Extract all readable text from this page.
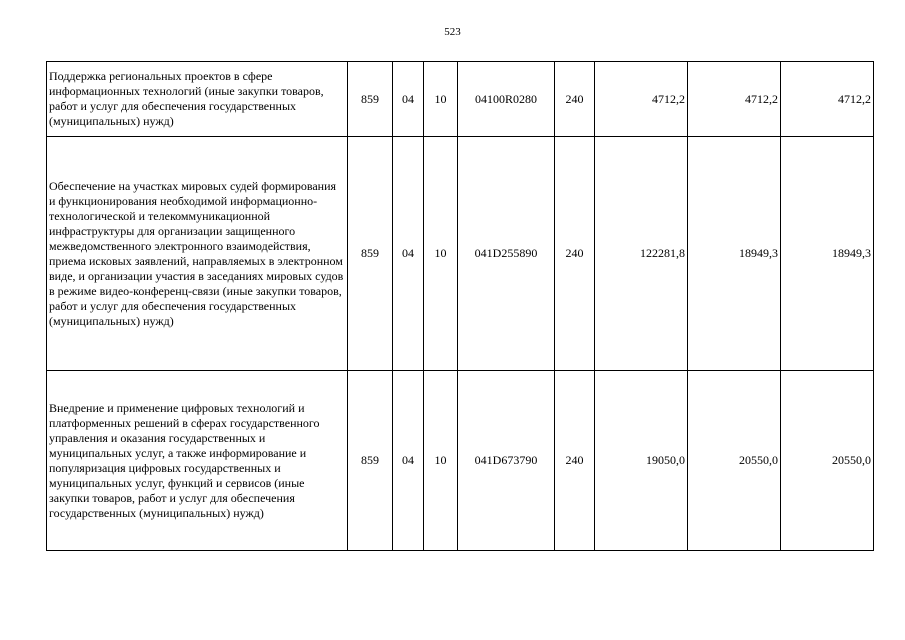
523
Поддержка региональных проектов в сфере информационных технологий (иные закупки товаров, работ и услуг для обеспечения государственных (муниципальных) нужд)	859	04	10	04100R0280	240	4712,2	4712,2	4712,2
Обеспечение на участках мировых судей формирования и функционирования необходимой информационно-технологической и телекоммуникационной инфраструктуры для организации защищенного межведомственного электронного взаимодействия, приема исковых заявлений, направляемых в электронном виде, и организации участия в заседаниях мировых судов в режиме видео-конференц-связи (иные закупки товаров, работ и услуг для обеспечения государственных (муниципальных) нужд)	859	04	10	041D255890	240	122281,8	18949,3	18949,3
Внедрение и применение цифровых технологий и платформенных решений в сферах государственного управления и оказания государственных и муниципальных услуг, а также информирование и популяризация цифровых государственных и муниципальных услуг, функций и сервисов (иные закупки товаров, работ и услуг для обеспечения государственных (муниципальных) нужд)	859	04	10	041D673790	240	19050,0	20550,0	20550,0
